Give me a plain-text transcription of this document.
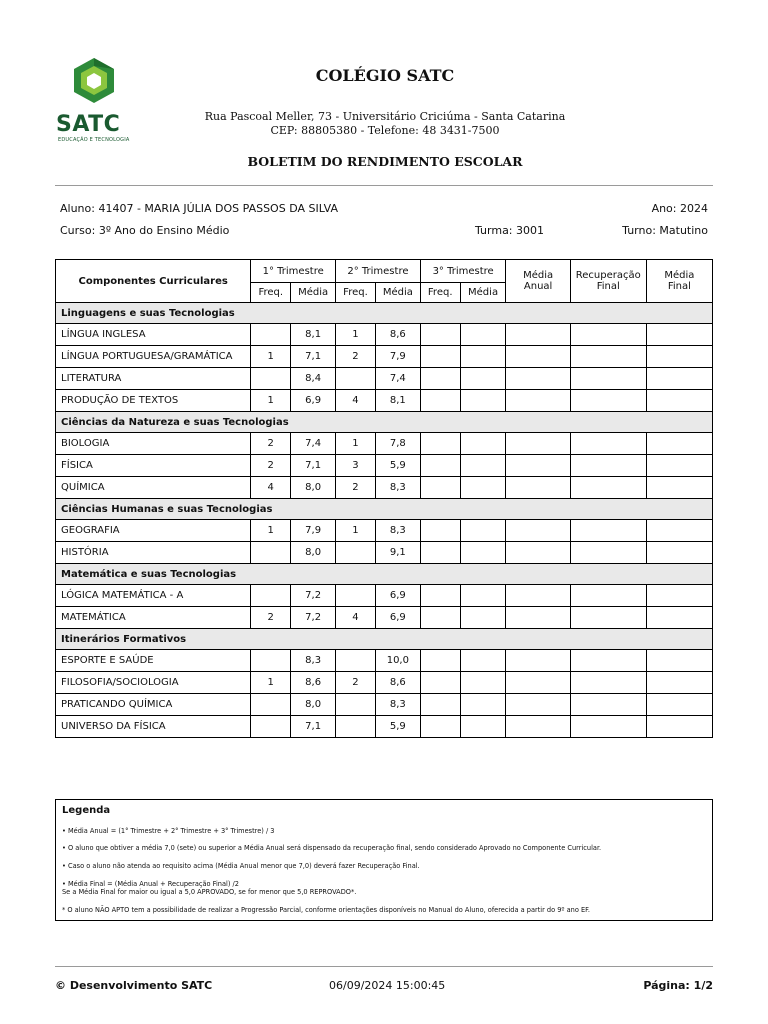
SATC
EDUCAÇÃO E TECNOLOGIA
COLÉGIO SATC
Rua Pascoal Meller, 73 - Universitário Criciúma - Santa Catarina
CEP: 88805380 - Telefone: 48 3431-7500
BOLETIM DO RENDIMENTO ESCOLAR
Aluno: 41407 - MARIA JÚLIA DOS PASSOS DA SILVA	Ano: 2024
Curso: 3º Ano do Ensino Médio	Turma: 3001	Turno: Matutino
Componentes Curriculares	1° Trimestre		2° Trimestre		3° Trimestre		Média Anual	Recuperação Final	Média Final
	Freq.	Média	Freq.	Média	Freq.	Média			
Linguagens e suas Tecnologias									
LÍNGUA INGLESA		8,1	1	8,6					
LÍNGUA PORTUGUESA/GRAMÁTICA	1	7,1	2	7,9					
LITERATURA		8,4		7,4					
PRODUÇÃO DE TEXTOS	1	6,9	4	8,1					
Ciências da Natureza e suas Tecnologias									
BIOLOGIA	2	7,4	1	7,8					
FÍSICA	2	7,1	3	5,9					
QUÍMICA	4	8,0	2	8,3					
Ciências Humanas e suas Tecnologias									
GEOGRAFIA	1	7,9	1	8,3					
HISTÓRIA		8,0		9,1					
Matemática e suas Tecnologias									
LÓGICA MATEMÁTICA - A		7,2		6,9					
MATEMÁTICA	2	7,2	4	6,9					
Itinerários Formativos									
ESPORTE E SAÚDE		8,3		10,0					
FILOSOFIA/SOCIOLOGIA	1	8,6	2	8,6					
PRATICANDO QUÍMICA		8,0		8,3					
UNIVERSO DA FÍSICA		7,1		5,9					
Legenda
• Média Anual = (1° Trimestre + 2° Trimestre + 3° Trimestre) / 3
• O aluno que obtiver a média 7,0 (sete) ou superior a Média Anual será dispensado da recuperação final, sendo considerado Aprovado no Componente Curricular.
• Caso o aluno não atenda ao requisito acima (Média Anual menor que 7,0) deverá fazer Recuperação Final.
• Média Final = (Média Anual + Recuperação Final) /2
Se a Média Final for maior ou igual a 5,0 APROVADO, se for menor que 5,0 REPROVADO*.
* O aluno NÃO APTO tem a possibilidade de realizar a Progressão Parcial, conforme orientações disponíveis no Manual do Aluno, oferecida a partir do 9º ano EF.
© Desenvolvimento SATC	06/09/2024 15:00:45	Página: 1/2
